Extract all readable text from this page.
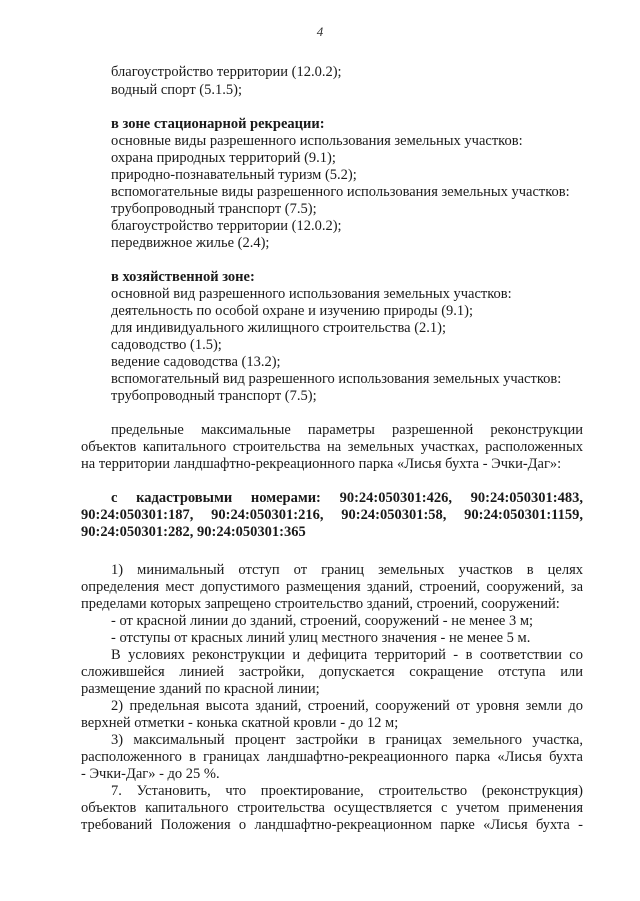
4
благоустройство территории (12.0.2);
водный спорт (5.1.5);
в зоне стационарной рекреации:
основные виды разрешенного использования земельных участков:
охрана природных территорий (9.1);
природно-познавательный туризм (5.2);
вспомогательные виды разрешенного использования земельных участков:
трубопроводный транспорт (7.5);
благоустройство территории (12.0.2);
передвижное жилье (2.4);
в хозяйственной зоне:
основной вид разрешенного использования земельных участков:
деятельность по особой охране и изучению природы (9.1);
для индивидуального жилищного строительства (2.1);
садоводство (1.5);
ведение садоводства (13.2);
вспомогательный вид разрешенного использования земельных участков:
трубопроводный транспорт (7.5);
предельные максимальные параметры разрешенной реконструкции
объектов капитального строительства на земельных участках, расположенных
на территории ландшафтно-рекреационного парка «Лисья бухта - Эчки-Даг»:
с кадастровыми номерами: 90:24:050301:426, 90:24:050301:483,
90:24:050301:187, 90:24:050301:216, 90:24:050301:58, 90:24:050301:1159,
90:24:050301:282, 90:24:050301:365
1) минимальный отступ от границ земельных участков в целях
определения мест допустимого размещения зданий, строений, сооружений, за
пределами которых запрещено строительство зданий, строений, сооружений:
- от красной линии до зданий, строений, сооружений - не менее 3 м;
- отступы от красных линий улиц местного значения - не менее 5 м.
В условиях реконструкции и дефицита территорий - в соответствии со
сложившейся линией застройки, допускается сокращение отступа или
размещение зданий по красной линии;
2) предельная высота зданий, строений, сооружений от уровня земли до
верхней отметки - конька скатной кровли - до 12 м;
3) максимальный процент застройки в границах земельного участка,
расположенного в границах ландшафтно-рекреационного парка «Лисья бухта
- Эчки-Даг» - до 25 %.
7. Установить, что проектирование, строительство (реконструкция)
объектов капитального строительства осуществляется с учетом применения
требований Положения о ландшафтно-рекреационном парке «Лисья бухта -
